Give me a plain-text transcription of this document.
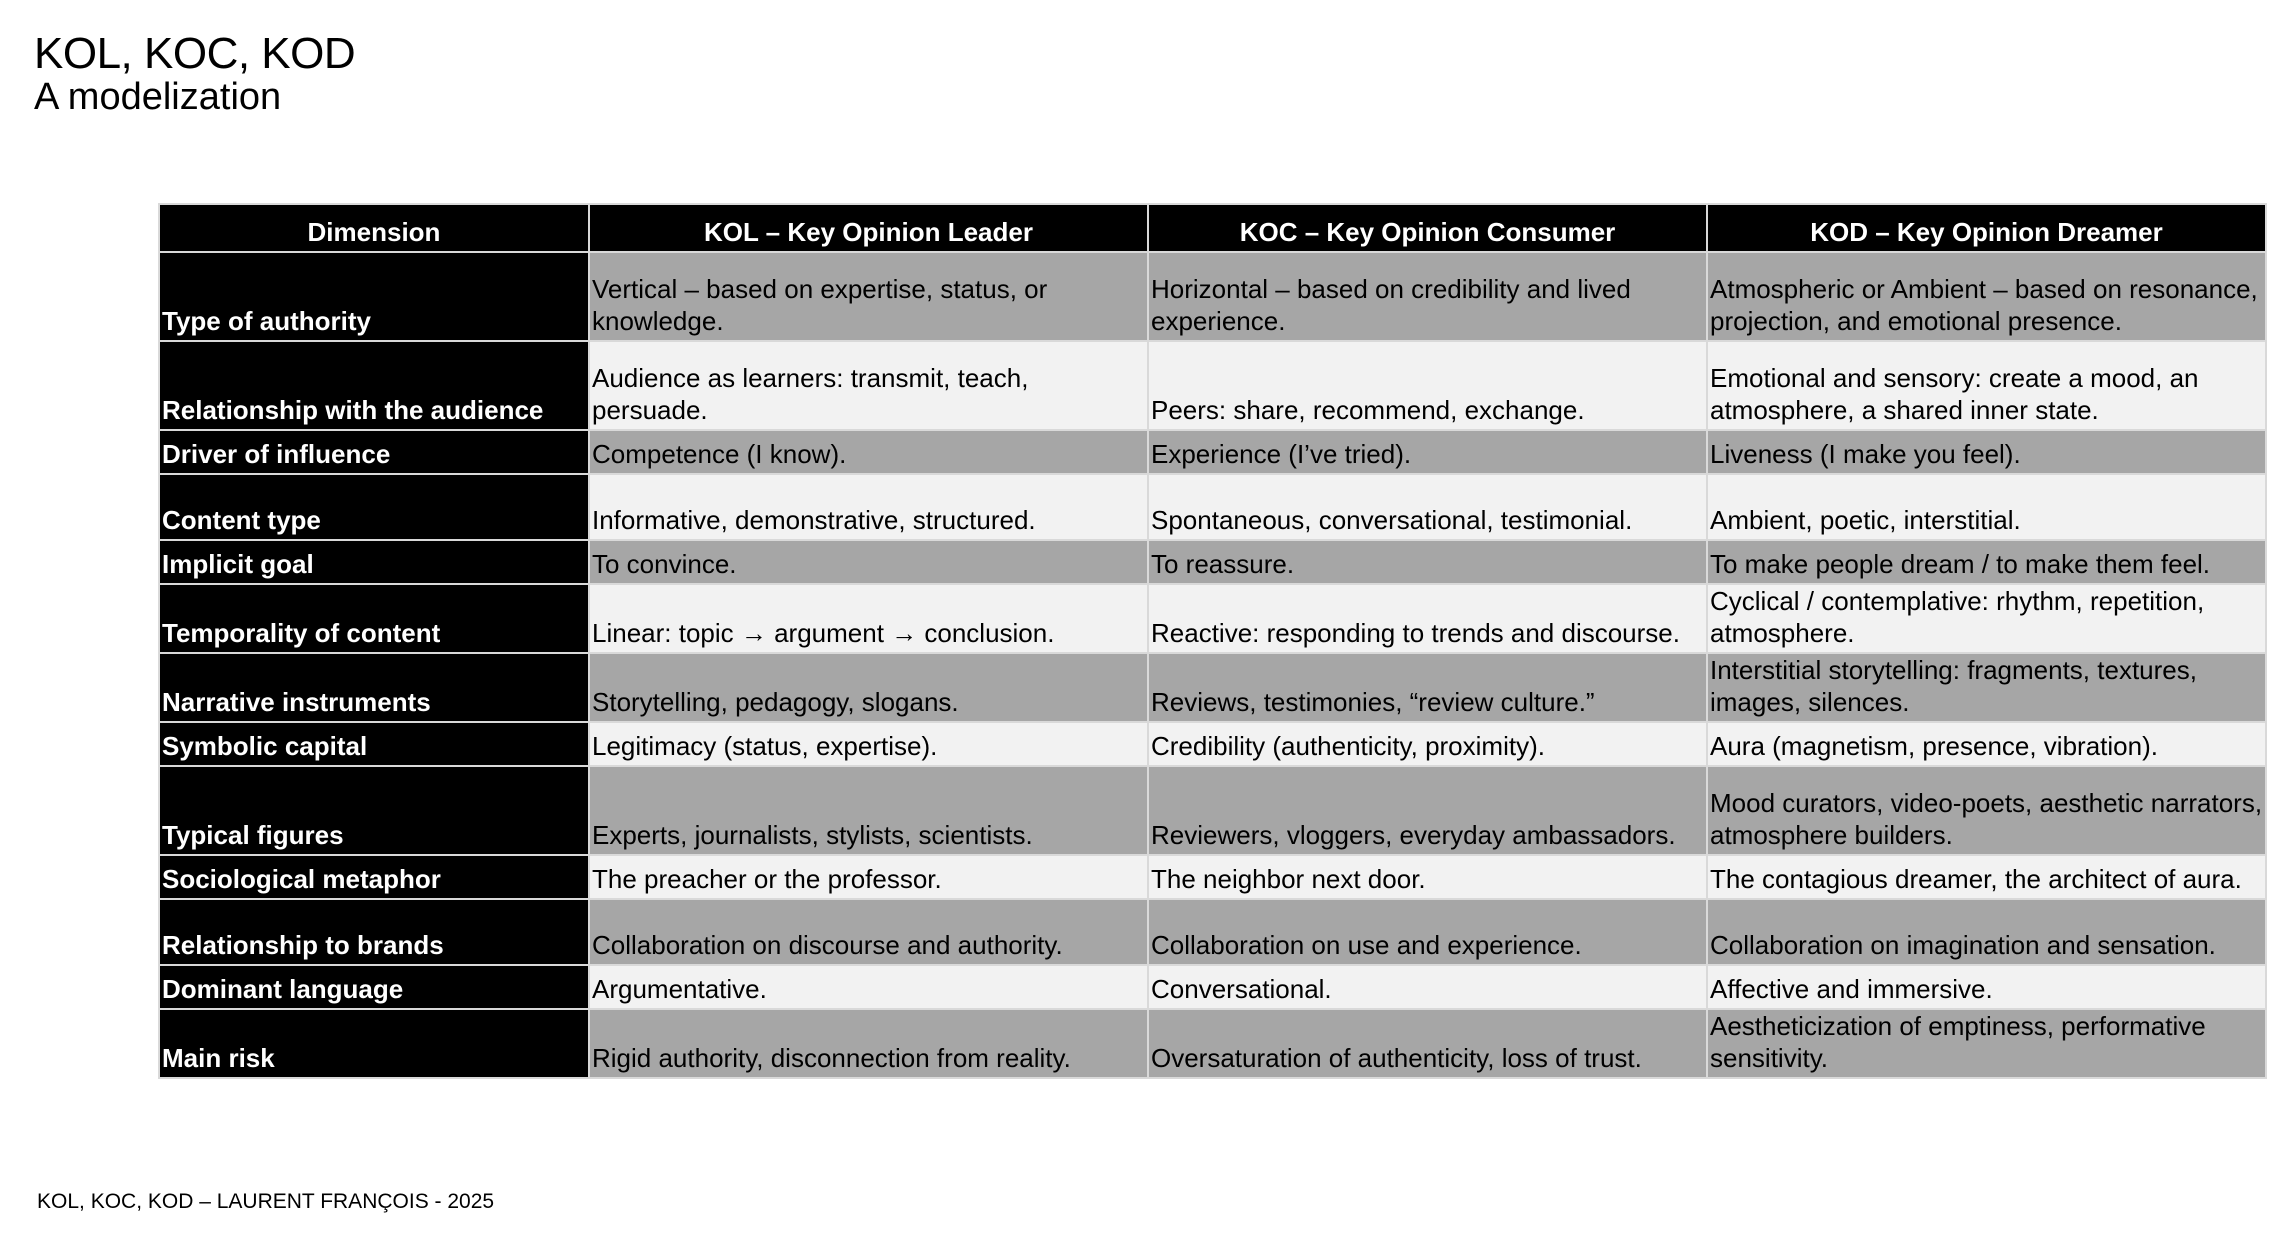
KOL, KOC, KOD
A modelization
Dimension	KOL – Key Opinion Leader	KOC – Key Opinion Consumer	KOD – Key Opinion Dreamer
Type of authority	Vertical – based on expertise, status, or knowledge.	Horizontal – based on credibility and lived experience.	Atmospheric or Ambient – based on resonance, projection, and emotional presence.
Relationship with the audience	Audience as learners: transmit, teach, persuade.	Peers: share, recommend, exchange.	Emotional and sensory: create a mood, an atmosphere, a shared inner state.
Driver of influence	Competence (I know).	Experience (I’ve tried).	Liveness (I make you feel).
Content type	Informative, demonstrative, structured.	Spontaneous, conversational, testimonial.	Ambient, poetic, interstitial.
Implicit goal	To convince.	To reassure.	To make people dream / to make them feel.
Temporality of content	Linear: topic → argument → conclusion.	Reactive: responding to trends and discourse.	Cyclical / contemplative: rhythm, repetition, atmosphere.
Narrative instruments	Storytelling, pedagogy, slogans.	Reviews, testimonies, “review culture.”	Interstitial storytelling: fragments, textures, images, silences.
Symbolic capital	Legitimacy (status, expertise).	Credibility (authenticity, proximity).	Aura (magnetism, presence, vibration).
Typical figures	Experts, journalists, stylists, scientists.	Reviewers, vloggers, everyday ambassadors.	Mood curators, video-poets, aesthetic narrators, atmosphere builders.
Sociological metaphor	The preacher or the professor.	The neighbor next door.	The contagious dreamer, the architect of aura.
Relationship to brands	Collaboration on discourse and authority.	Collaboration on use and experience.	Collaboration on imagination and sensation.
Dominant language	Argumentative.	Conversational.	Affective and immersive.
Main risk	Rigid authority, disconnection from reality.	Oversaturation of authenticity, loss of trust.	Aestheticization of emptiness, performative sensitivity.
KOL, KOC, KOD – LAURENT FRANÇOIS - 2025
